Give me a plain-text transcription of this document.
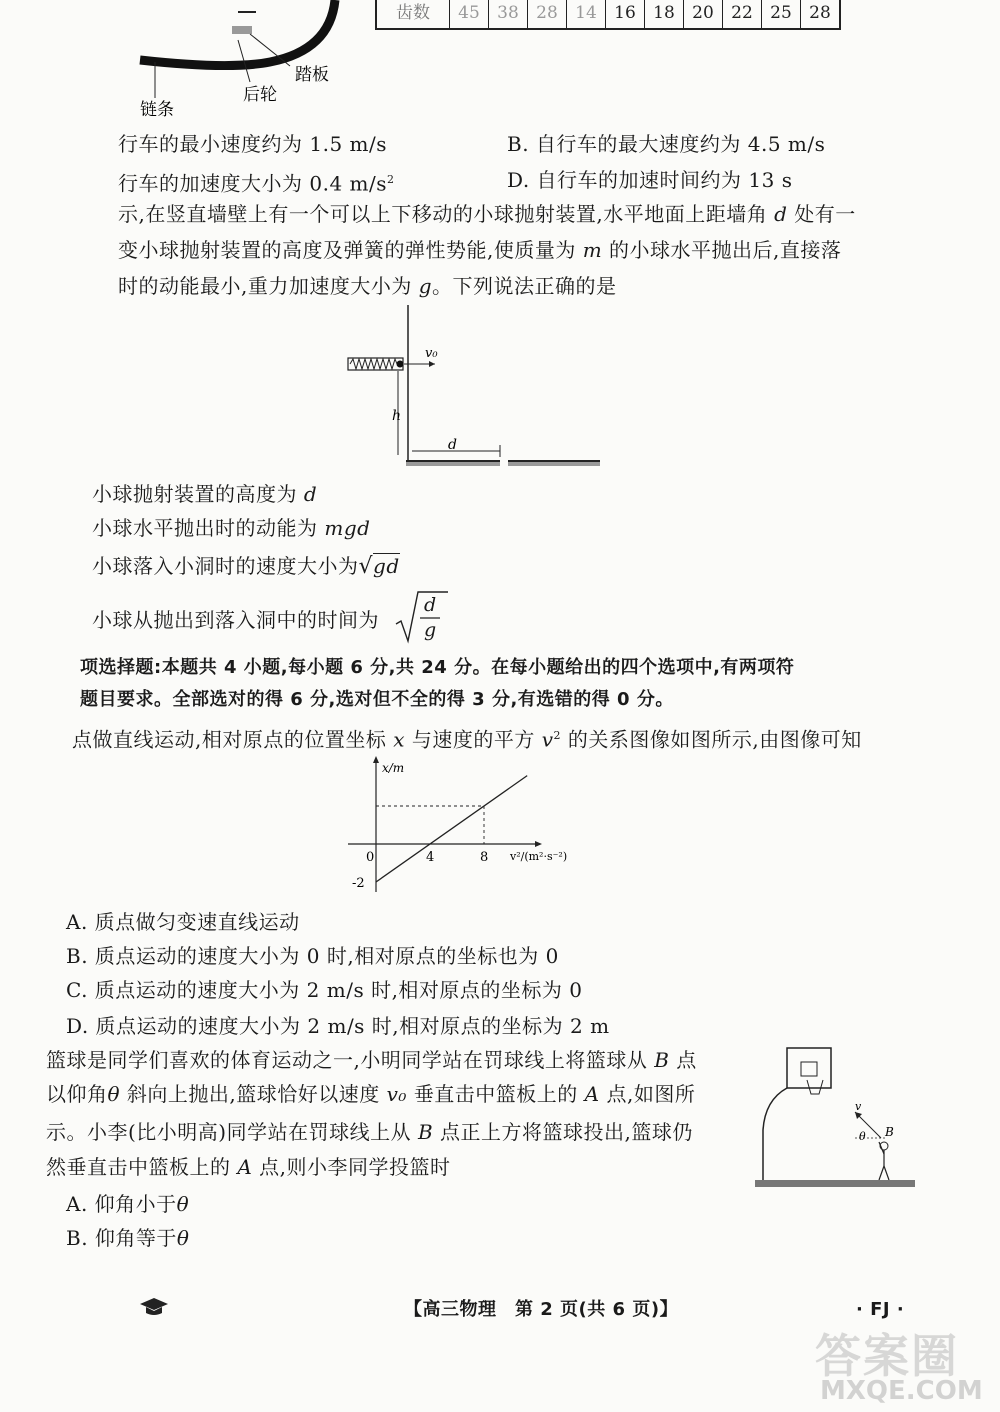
踏板
后轮
链条
齿数	45	38	28	14	16	18	20	22	25	28
行车的最小速度约为 1.5 m/s	B. 自行车的最大速度约为 4.5 m/s
行车的加速度大小为 0.4 $m/s^2$	D. 自行车的加速时间约为 13 s
示,在竖直墙壁上有一个可以上下移动的小球抛射装置,水平地面上距墙角 d 处有一
变小球抛射装置的高度及弹簧的弹性势能,使质量为 m 的小球水平抛出后,直接落
时的动能最小,重力加速度大小为 g。下列说法正确的是
v₀
h
d
小球抛射装置的高度为 d
小球水平抛出时的动能为 mgd
小球落入小洞时的速度大小为√gd
小球从抛出到落入洞中的时间为
d
g
项选择题:本题共 4 小题,每小题 6 分,共 24 分。在每小题给出的四个选项中,有两项符
题目要求。全部选对的得 6 分,选对但不全的得 3 分,有选错的得 0 分。
点做直线运动,相对原点的位置坐标 x 与速度的平方 $v^2$ 的关系图像如图所示,由图像可知
x/m
v²/(m²·s⁻²)
0	4	8
-2
A. 质点做匀变速直线运动
B. 质点运动的速度大小为 0 时,相对原点的坐标也为 0
C. 质点运动的速度大小为 2 m/s 时,相对原点的坐标为 0
D. 质点运动的速度大小为 2 m/s 时,相对原点的坐标为 2 m
篮球是同学们喜欢的体育运动之一,小明同学站在罚球线上将篮球从 B 点
以仰角θ 斜向上抛出,篮球恰好以速度 v₀ 垂直击中篮板上的 A 点,如图所
示。小李(比小明高)同学站在罚球线上从 B 点正上方将篮球投出,篮球仍
然垂直击中篮板上的 A 点,则小李同学投篮时
A. 仰角小于θ
B. 仰角等于θ
v
θ B
【高三物理　第 2 页(共 6 页)】	· FJ ·
答案圈
MXQE.COM
